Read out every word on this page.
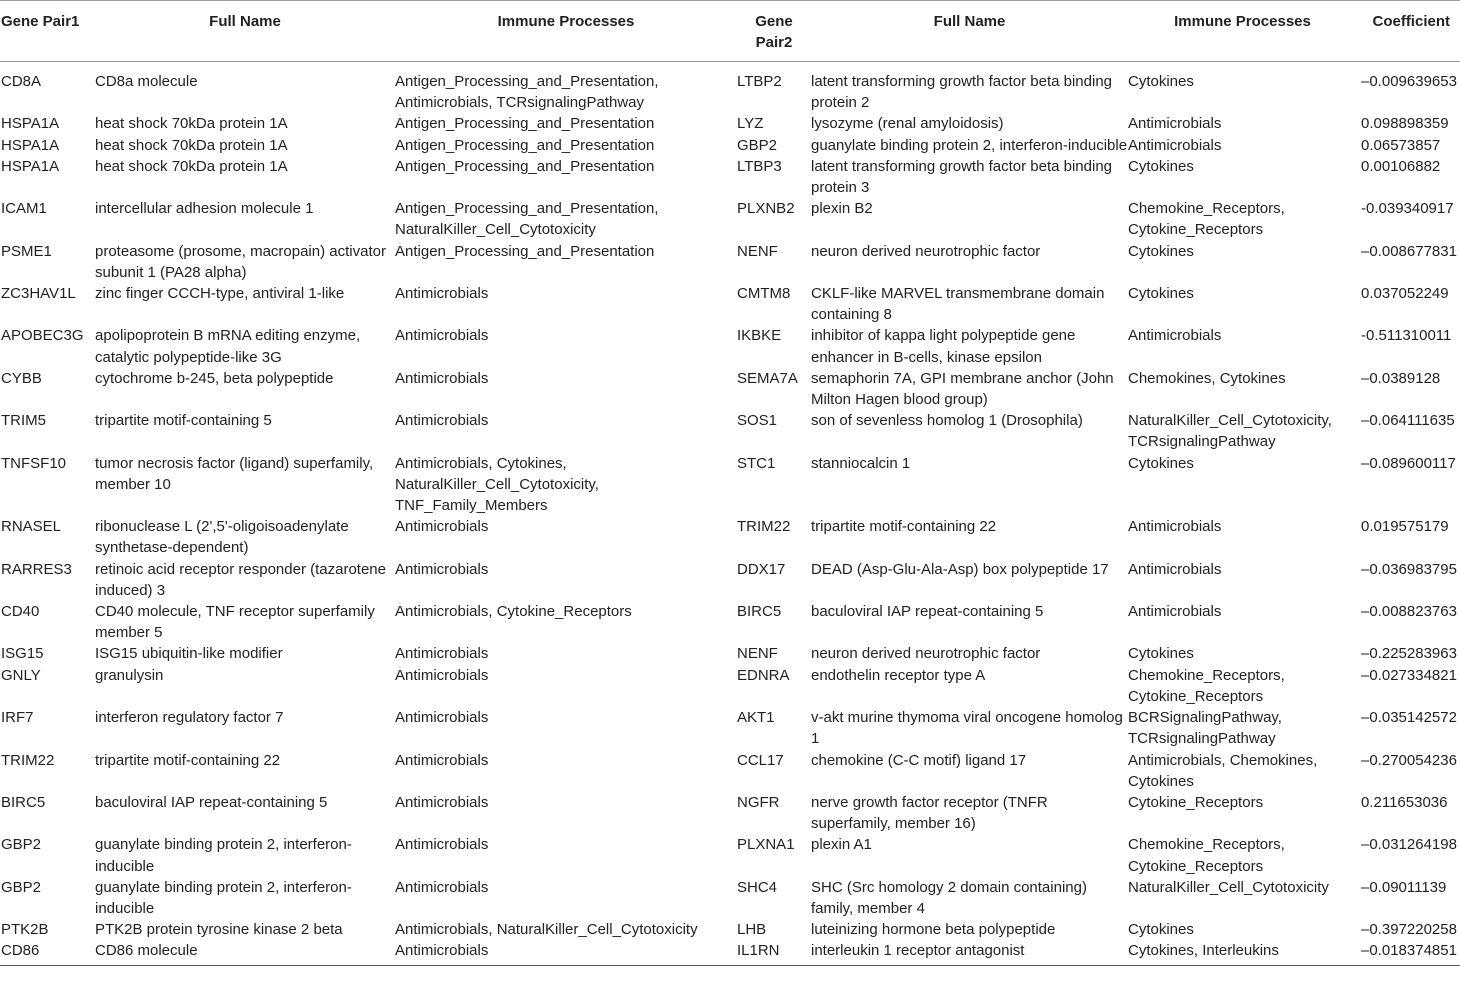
Gene Pair1	Full Name	Immune Processes	Gene Pair2	Full Name	Immune Processes	Coefficient
CD8A	CD8a molecule	Antigen_Processing_and_Presentation, Antimicrobials, TCRsignalingPathway	LTBP2	latent transforming growth factor beta binding protein 2	Cytokines	–0.009639653
HSPA1A	heat shock 70kDa protein 1A	Antigen_Processing_and_Presentation	LYZ	lysozyme (renal amyloidosis)	Antimicrobials	0.098898359
HSPA1A	heat shock 70kDa protein 1A	Antigen_Processing_and_Presentation	GBP2	guanylate binding protein 2, interferon-inducible	Antimicrobials	0.06573857
HSPA1A	heat shock 70kDa protein 1A	Antigen_Processing_and_Presentation	LTBP3	latent transforming growth factor beta binding protein 3	Cytokines	0.00106882
ICAM1	intercellular adhesion molecule 1	Antigen_Processing_and_Presentation, NaturalKiller_Cell_Cytotoxicity	PLXNB2	plexin B2	Chemokine_Receptors, Cytokine_Receptors	-0.039340917
PSME1	proteasome (prosome, macropain) activator subunit 1 (PA28 alpha)	Antigen_Processing_and_Presentation	NENF	neuron derived neurotrophic factor	Cytokines	–0.008677831
ZC3HAV1L	zinc finger CCCH-type, antiviral 1-like	Antimicrobials	CMTM8	CKLF-like MARVEL transmembrane domain containing 8	Cytokines	0.037052249
APOBEC3G	apolipoprotein B mRNA editing enzyme, catalytic polypeptide-like 3G	Antimicrobials	IKBKE	inhibitor of kappa light polypeptide gene enhancer in B-cells, kinase epsilon	Antimicrobials	-0.511310011
CYBB	cytochrome b-245, beta polypeptide	Antimicrobials	SEMA7A	semaphorin 7A, GPI membrane anchor (John Milton Hagen blood group)	Chemokines, Cytokines	–0.0389128
TRIM5	tripartite motif-containing 5	Antimicrobials	SOS1	son of sevenless homolog 1 (Drosophila)	NaturalKiller_Cell_Cytotoxicity, TCRsignalingPathway	–0.064111635
TNFSF10	tumor necrosis factor (ligand) superfamily, member 10	Antimicrobials, Cytokines, NaturalKiller_Cell_Cytotoxicity, TNF_Family_Members	STC1	stanniocalcin 1	Cytokines	–0.089600117
RNASEL	ribonuclease L (2',5'-oligoisoadenylate synthetase-dependent)	Antimicrobials	TRIM22	tripartite motif-containing 22	Antimicrobials	0.019575179
RARRES3	retinoic acid receptor responder (tazarotene induced) 3	Antimicrobials	DDX17	DEAD (Asp-Glu-Ala-Asp) box polypeptide 17	Antimicrobials	–0.036983795
CD40	CD40 molecule, TNF receptor superfamily member 5	Antimicrobials, Cytokine_Receptors	BIRC5	baculoviral IAP repeat-containing 5	Antimicrobials	–0.008823763
ISG15	ISG15 ubiquitin-like modifier	Antimicrobials	NENF	neuron derived neurotrophic factor	Cytokines	–0.225283963
GNLY	granulysin	Antimicrobials	EDNRA	endothelin receptor type A	Chemokine_Receptors, Cytokine_Receptors	–0.027334821
IRF7	interferon regulatory factor 7	Antimicrobials	AKT1	v-akt murine thymoma viral oncogene homolog 1	BCRSignalingPathway, TCRsignalingPathway	–0.035142572
TRIM22	tripartite motif-containing 22	Antimicrobials	CCL17	chemokine (C-C motif) ligand 17	Antimicrobials, Chemokines, Cytokines	–0.270054236
BIRC5	baculoviral IAP repeat-containing 5	Antimicrobials	NGFR	nerve growth factor receptor (TNFR superfamily, member 16)	Cytokine_Receptors	0.211653036
GBP2	guanylate binding protein 2, interferon-inducible	Antimicrobials	PLXNA1	plexin A1	Chemokine_Receptors, Cytokine_Receptors	–0.031264198
GBP2	guanylate binding protein 2, interferon-inducible	Antimicrobials	SHC4	SHC (Src homology 2 domain containing) family, member 4	NaturalKiller_Cell_Cytotoxicity	–0.09011139
PTK2B	PTK2B protein tyrosine kinase 2 beta	Antimicrobials, NaturalKiller_Cell_Cytotoxicity	LHB	luteinizing hormone beta polypeptide	Cytokines	–0.397220258
CD86	CD86 molecule	Antimicrobials	IL1RN	interleukin 1 receptor antagonist	Cytokines, Interleukins	–0.018374851
